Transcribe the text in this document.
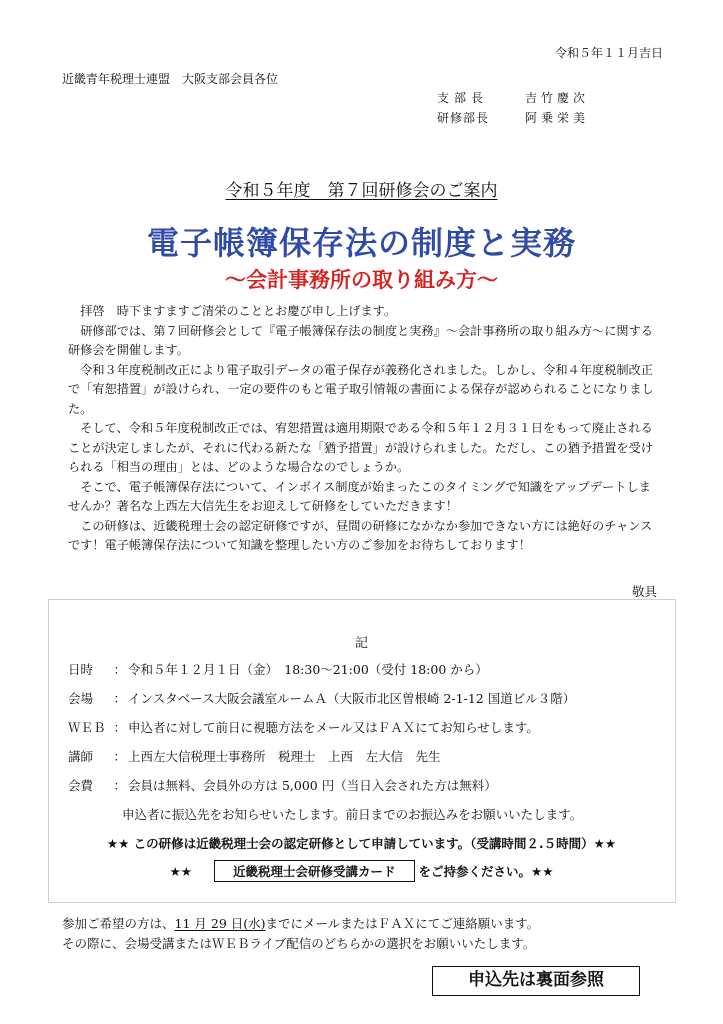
令和５年１１月吉日
近畿青年税理士連盟　大阪支部会員各位
支部長	吉竹慶次
研修部長	阿乗栄美
令和５年度　第７回研修会のご案内
電子帳簿保存法の制度と実務
〜会計事務所の取り組み方〜

拝啓　時下ますますご清栄のこととお慶び申し上げます。

研修部では、第７回研修会として『電子帳簿保存法の制度と実務』〜会計事務所の取り組み方〜に関する研修会を開催します。

令和３年度税制改正により電子取引データの電子保存が義務化されました。しかし、令和４年度税制改正で「宥恕措置」が設けられ、一定の要件のもと電子取引情報の書面による保存が認められることになりました。

そして、令和５年度税制改正では、宥恕措置は適用期限である令和５年１２月３１日をもって廃止されることが決定しましたが、それに代わる新たな「猶予措置」が設けられました。ただし、この猶予措置を受けられる「相当の理由」とは、どのような場合なのでしょうか。

そこで、電子帳簿保存法について、インボイス制度が始まったこのタイミングで知識をアップデートしませんか？著名な上西左大信先生をお迎えして研修をしていただきます！

この研修は、近畿税理士会の認定研修ですが、昼間の研修になかなか参加できない方には絶好のチャンスです！電子帳簿保存法について知識を整理したい方のご参加をお待ちしております！

敬具
記
日時	： 令和５年１２月１日（金）　18:30〜21:00（受付 18:00 から）
会場	： インスタベース大阪会議室ルームＡ（大阪市北区曽根崎 2-1-12 国道ビル３階）
ＷＥＢ ： 申込者に対して前日に視聴方法をメール又はＦＡＸにてお知らせします。
講師	： 上西左大信税理士事務所　税理士　上西　左大信　先生
会費	： 会員は無料、会員外の方は 5,000 円（当日入会された方は無料）
申込者に振込先をお知らせいたします。前日までのお振込みをお願いいたします。
★★ この研修は近畿税理士会の認定研修として申請しています。（受講時間２.５時間）★★
★★	近畿税理士会研修受講カード をご持参ください。★★
参加ご希望の方は、11 月 29 日(水)までにメールまたはＦＡＸにてご連絡願います。
その際に、会場受講またはＷＥＢライブ配信のどちらかの選択をお願いいたします。
申込先は裏面参照
